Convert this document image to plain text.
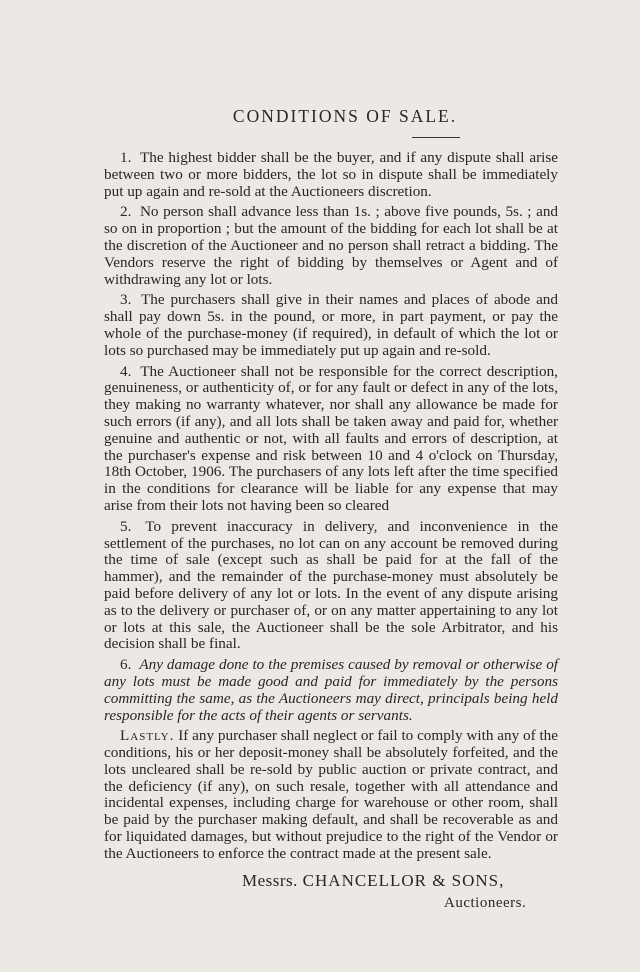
CONDITIONS OF SALE.

1. The highest bidder shall be the buyer, and if any dispute shall arise between two or more bidders, the lot so in dispute shall be immediately put up again and re-sold at the Auctioneers discretion.

2. No person shall advance less than 1s. ; above five pounds, 5s. ; and so on in proportion ; but the amount of the bidding for each lot shall be at the discretion of the Auctioneer and no person shall retract a bidding. The Vendors reserve the right of bidding by themselves or Agent and of withdrawing any lot or lots.

3. The purchasers shall give in their names and places of abode and shall pay down 5s. in the pound, or more, in part payment, or pay the whole of the purchase-money (if required), in default of which the lot or lots so purchased may be immediately put up again and re-sold.

4. The Auctioneer shall not be responsible for the correct description, genuineness, or authenticity of, or for any fault or defect in any of the lots, they making no warranty whatever, nor shall any allowance be made for such errors (if any), and all lots shall be taken away and paid for, whether genuine and authentic or not, with all faults and errors of description, at the purchaser's expense and risk between 10 and 4 o'clock on Thursday, 18th October, 1906. The purchasers of any lots left after the time specified in the conditions for clearance will be liable for any expense that may arise from their lots not having been so cleared

5. To prevent inaccuracy in delivery, and inconvenience in the settlement of the purchases, no lot can on any account be removed during the time of sale (except such as shall be paid for at the fall of the hammer), and the remainder of the purchase-money must absolutely be paid before delivery of any lot or lots. In the event of any dispute arising as to the delivery or purchaser of, or on any matter appertaining to any lot or lots at this sale, the Auctioneer shall be the sole Arbitrator, and his decision shall be final.

6. Any damage done to the premises caused by removal or otherwise of any lots must be made good and paid for immediately by the persons committing the same, as the Auctioneers may direct, principals being held responsible for the acts of their agents or servants.

Lastly. If any purchaser shall neglect or fail to comply with any of the conditions, his or her deposit-money shall be absolutely forfeited, and the lots uncleared shall be re-sold by public auction or private contract, and the deficiency (if any), on such resale, together with all attendance and incidental expenses, including charge for warehouse or other room, shall be paid by the purchaser making default, and shall be recoverable as and for liquidated damages, but without prejudice to the right of the Vendor or the Auctioneers to enforce the contract made at the present sale.

Messrs. CHANCELLOR & SONS,
Auctioneers.
